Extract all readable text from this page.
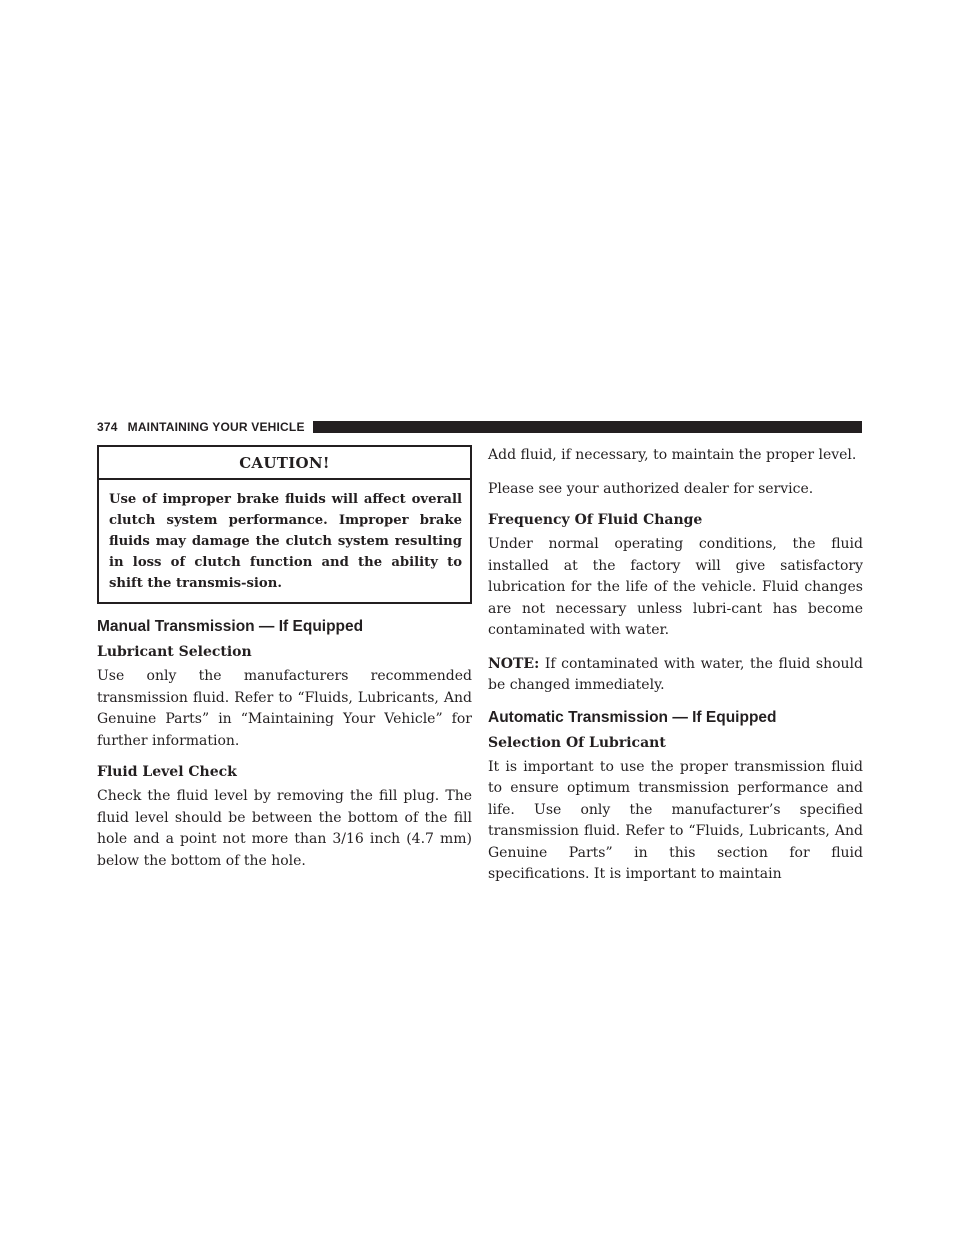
374 MAINTAINING YOUR VEHICLE
CAUTION!
Use of improper brake fluids will affect overall clutch system performance. Improper brake fluids may damage the clutch system resulting in loss of clutch function and the ability to shift the transmis-sion.
Manual Transmission — If Equipped
Lubricant Selection

Use only the manufacturers recommended transmission fluid. Refer to “Fluids, Lubricants, And Genuine Parts” in “Maintaining Your Vehicle” for further information.

Fluid Level Check

Check the fluid level by removing the fill plug. The fluid level should be between the bottom of the fill hole and a point not more than 3/16 inch (4.7 mm) below the bottom of the hole.

Add fluid, if necessary, to maintain the proper level.

Please see your authorized dealer for service.

Frequency Of Fluid Change

Under normal operating conditions, the fluid installed at the factory will give satisfactory lubrication for the life of the vehicle. Fluid changes are not necessary unless lubri-cant has become contaminated with water.

NOTE: If contaminated with water, the fluid should be changed immediately.

Automatic Transmission — If Equipped
Selection Of Lubricant

It is important to use the proper transmission fluid to ensure optimum transmission performance and life. Use only the manufacturer’s specified transmission fluid. Refer to “Fluids, Lubricants, And Genuine Parts” in this section for fluid specifications. It is important to maintain
